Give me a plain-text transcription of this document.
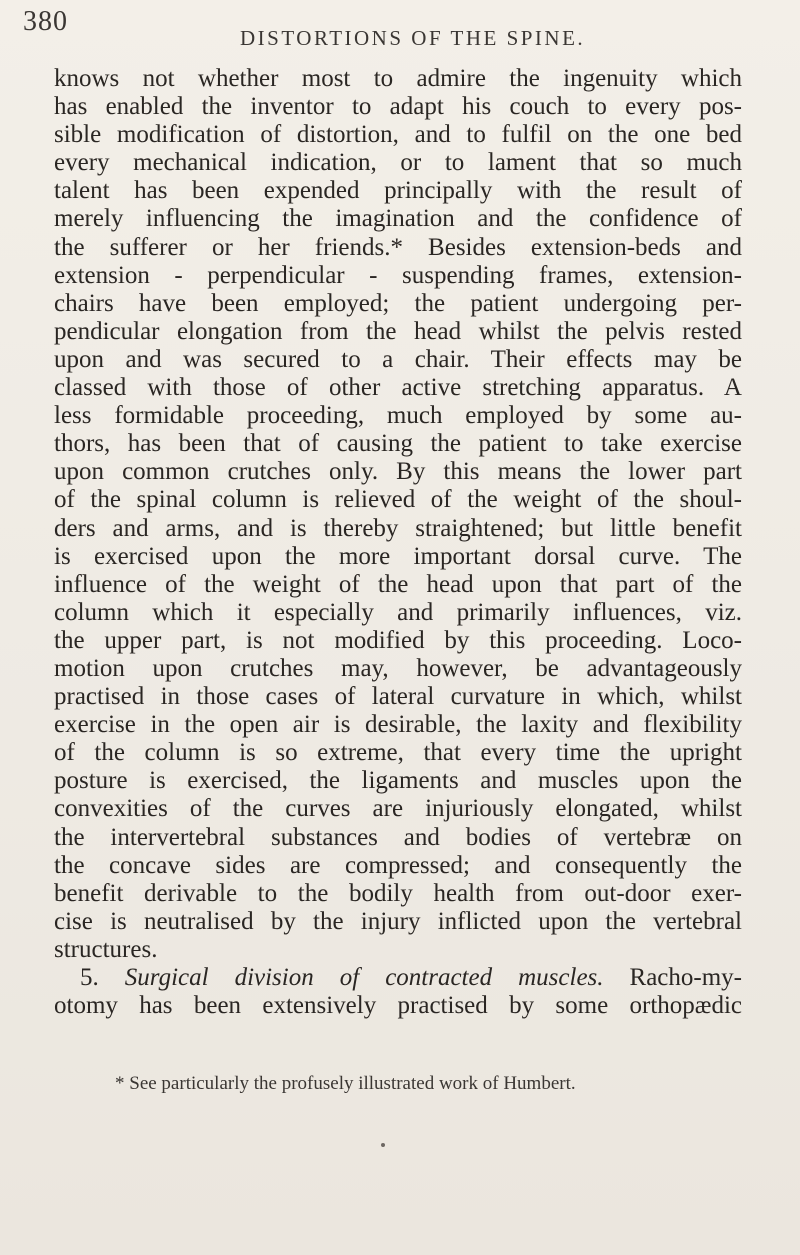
380
DISTORTIONS OF THE SPINE.
knows not whether most to admire the ingenuity which
has enabled the inventor to adapt his couch to every pos-
sible modification of distortion, and to fulfil on the one bed
every mechanical indication, or to lament that so much
talent has been expended principally with the result of
merely influencing the imagination and the confidence of
the sufferer or her friends.* Besides extension-beds and
extension - perpendicular - suspending frames, extension-
chairs have been employed; the patient undergoing per-
pendicular elongation from the head whilst the pelvis rested
upon and was secured to a chair. Their effects may be
classed with those of other active stretching apparatus. A
less formidable proceeding, much employed by some au-
thors, has been that of causing the patient to take exercise
upon common crutches only. By this means the lower part
of the spinal column is relieved of the weight of the shoul-
ders and arms, and is thereby straightened; but little benefit
is exercised upon the more important dorsal curve. The
influence of the weight of the head upon that part of the
column which it especially and primarily influences, viz.
the upper part, is not modified by this proceeding. Loco-
motion upon crutches may, however, be advantageously
practised in those cases of lateral curvature in which, whilst
exercise in the open air is desirable, the laxity and flexibility
of the column is so extreme, that every time the upright
posture is exercised, the ligaments and muscles upon the
convexities of the curves are injuriously elongated, whilst
the intervertebral substances and bodies of vertebræ on
the concave sides are compressed; and consequently the
benefit derivable to the bodily health from out-door exer-
cise is neutralised by the injury inflicted upon the vertebral
structures.
5. Surgical division of contracted muscles. Racho-my-
otomy has been extensively practised by some orthopædic
* See particularly the profusely illustrated work of Humbert.
